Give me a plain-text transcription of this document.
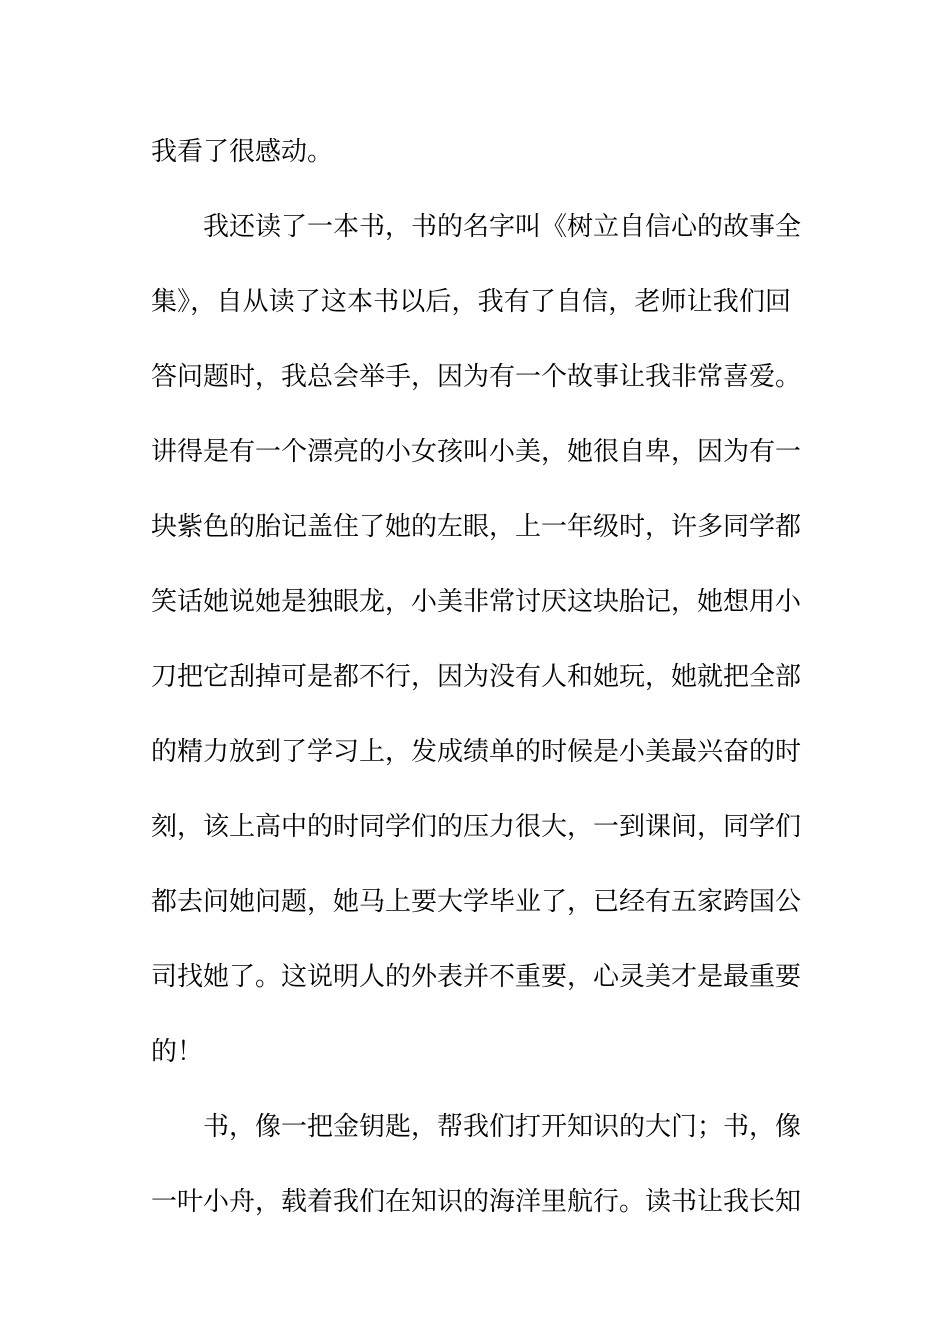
我看了很感动。
我还读了一本书，书的名字叫《树立自信心的故事全
集》，自从读了这本书以后，我有了自信，老师让我们回
答问题时，我总会举手，因为有一个故事让我非常喜爱。
讲得是有一个漂亮的小女孩叫小美，她很自卑，因为有一
块紫色的胎记盖住了她的左眼，上一年级时，许多同学都
笑话她说她是独眼龙，小美非常讨厌这块胎记，她想用小
刀把它刮掉可是都不行，因为没有人和她玩，她就把全部
的精力放到了学习上，发成绩单的时候是小美最兴奋的时
刻，该上高中的时同学们的压力很大，一到课间，同学们
都去问她问题，她马上要大学毕业了，已经有五家跨国公
司找她了。这说明人的外表并不重要，心灵美才是最重要
的！
书，像一把金钥匙，帮我们打开知识的大门；书，像
一叶小舟，载着我们在知识的海洋里航行。读书让我长知
